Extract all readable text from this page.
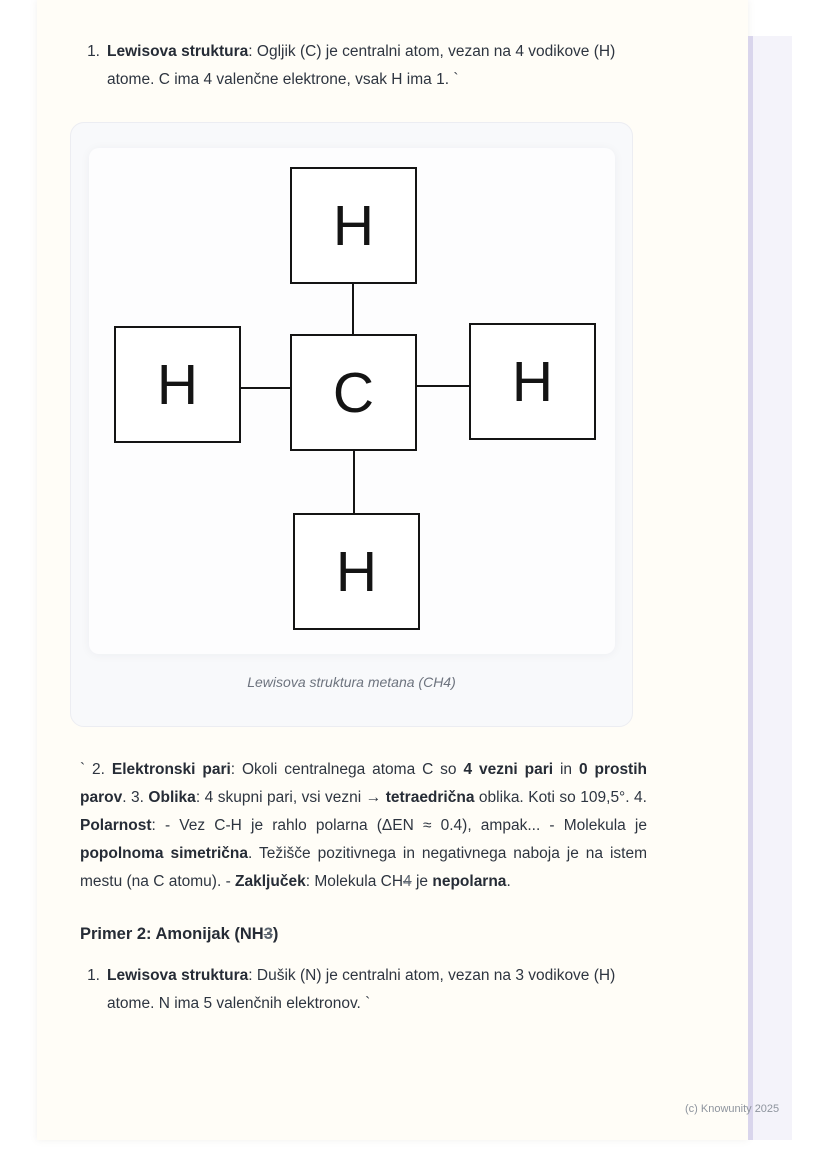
1. Lewisova struktura: Ogljik (C) je centralni atom, vezan na 4 vodikove (H) atome. C ima 4 valenčne elektrone, vsak H ima 1. `
H
H C H
H
Lewisova struktura metana (CH4)
` 2. Elektronski pari: Okoli centralnega atoma C so 4 vezni pari in 0 prostih parov. 3. Oblika: 4 skupni pari, vsi vezni → tetraedrična oblika. Koti so 109,5°. 4. Polarnost: - Vez C-H je rahlo polarna (ΔEN ≈ 0.4), ampak... - Molekula je popolnoma simetrična. Težišče pozitivnega in negativnega naboja je na istem mestu (na C atomu). - Zaključek: Molekula CH4 je nepolarna.
Primer 2: Amonijak (NH3)
1. Lewisova struktura: Dušik (N) je centralni atom, vezan na 3 vodikove (H) atome. N ima 5 valenčnih elektronov. `
(c) Knowunity 2025
